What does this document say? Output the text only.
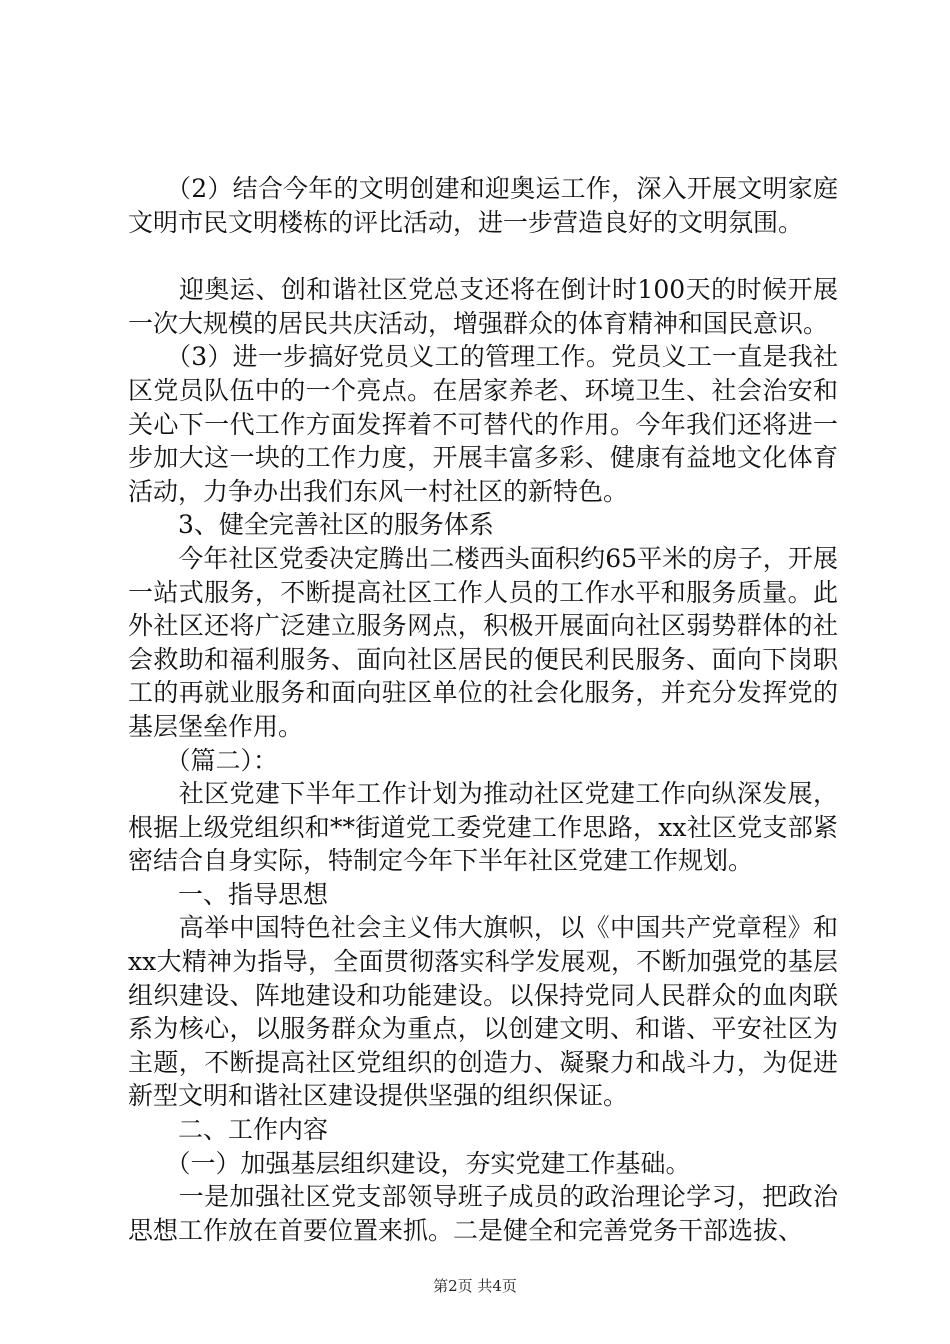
　　（2）结合今年的文明创建和迎奥运工作，深入开展文明家庭文明市民文明楼栋的评比活动，进一步营造良好的文明氛围。

　　迎奥运、创和谐社区党总支还将在倒计时100天的时候开展一次大规模的居民共庆活动，增强群众的体育精神和国民意识。

　　（3）进一步搞好党员义工的管理工作。党员义工一直是我社区党员队伍中的一个亮点。在居家养老、环境卫生、社会治安和关心下一代工作方面发挥着不可替代的作用。今年我们还将进一步加大这一块的工作力度，开展丰富多彩、健康有益地文化体育活动，力争办出我们东风一村社区的新特色。

　　3、健全完善社区的服务体系

　　今年社区党委决定腾出二楼西头面积约65平米的房子，开展一站式服务，不断提高社区工作人员的工作水平和服务质量。此外社区还将广泛建立服务网点，积极开展面向社区弱势群体的社会救助和福利服务、面向社区居民的便民利民服务、面向下岗职工的再就业服务和面向驻区单位的社会化服务，并充分发挥党的基层堡垒作用。

　　（篇二）：

　　社区党建下半年工作计划为推动社区党建工作向纵深发展，根据上级党组织和**街道党工委党建工作思路，xx社区党支部紧密结合自身实际，特制定今年下半年社区党建工作规划。

　　一、指导思想

　　高举中国特色社会主义伟大旗帜，以《中国共产党章程》和xx大精神为指导，全面贯彻落实科学发展观，不断加强党的基层组织建设、阵地建设和功能建设。以保持党同人民群众的血肉联系为核心，以服务群众为重点，以创建文明、和谐、平安社区为主题，不断提高社区党组织的创造力、凝聚力和战斗力，为促进新型文明和谐社区建设提供坚强的组织保证。

　　二、工作内容

　　（一）加强基层组织建设，夯实党建工作基础。

　　一是加强社区党支部领导班子成员的政治理论学习，把政治思想工作放在首要位置来抓。二是健全和完善党务干部选拔、

第2页 共4页
